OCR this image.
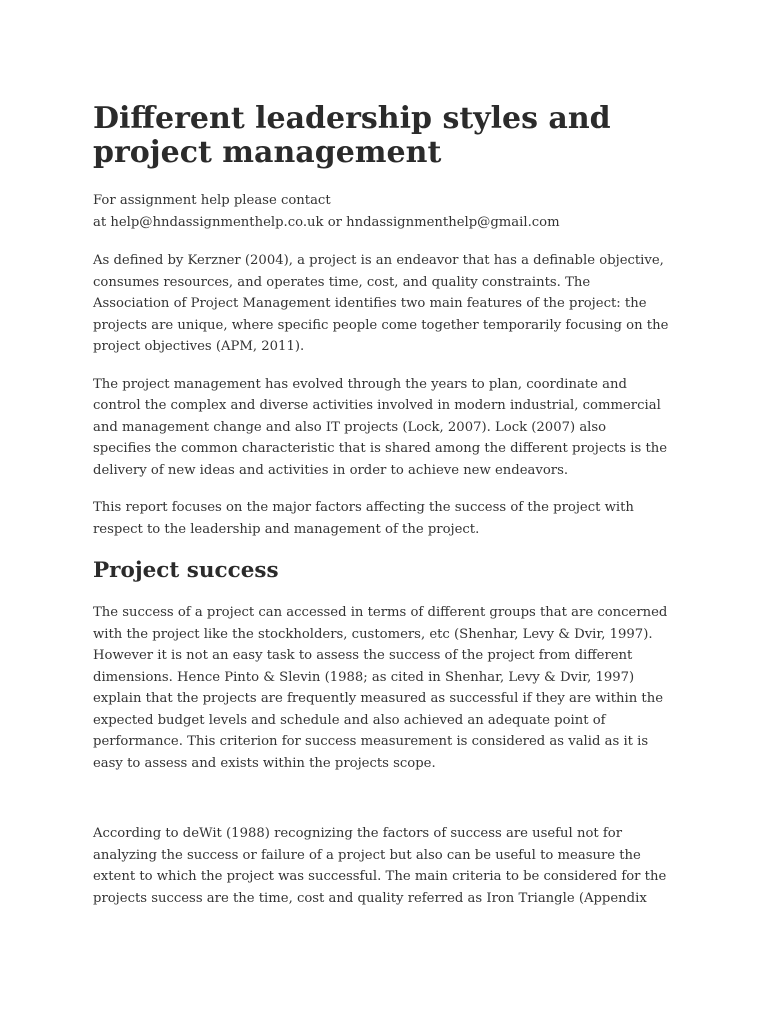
Different leadership styles and
project management

For assignment help please contact
at help@hndassignmenthelp.co.uk or hndassignmenthelp@gmail.com

As defined by Kerzner (2004), a project is an endeavor that has a definable objective,
consumes resources, and operates time, cost, and quality constraints. The
Association of Project Management identifies two main features of the project: the
projects are unique, where specific people come together temporarily focusing on the
project objectives (APM, 2011).

The project management has evolved through the years to plan, coordinate and
control the complex and diverse activities involved in modern industrial, commercial
and management change and also IT projects (Lock, 2007). Lock (2007) also
specifies the common characteristic that is shared among the different projects is the
delivery of new ideas and activities in order to achieve new endeavors.

This report focuses on the major factors affecting the success of the project with
respect to the leadership and management of the project.

Project success

The success of a project can accessed in terms of different groups that are concerned
with the project like the stockholders, customers, etc (Shenhar, Levy & Dvir, 1997).
However it is not an easy task to assess the success of the project from different
dimensions. Hence Pinto & Slevin (1988; as cited in Shenhar, Levy & Dvir, 1997)
explain that the projects are frequently measured as successful if they are within the
expected budget levels and schedule and also achieved an adequate point of
performance. This criterion for success measurement is considered as valid as it is
easy to assess and exists within the projects scope.

According to deWit (1988) recognizing the factors of success are useful not for
analyzing the success or failure of a project but also can be useful to measure the
extent to which the project was successful. The main criteria to be considered for the
projects success are the time, cost and quality referred as Iron Triangle (Appendix
